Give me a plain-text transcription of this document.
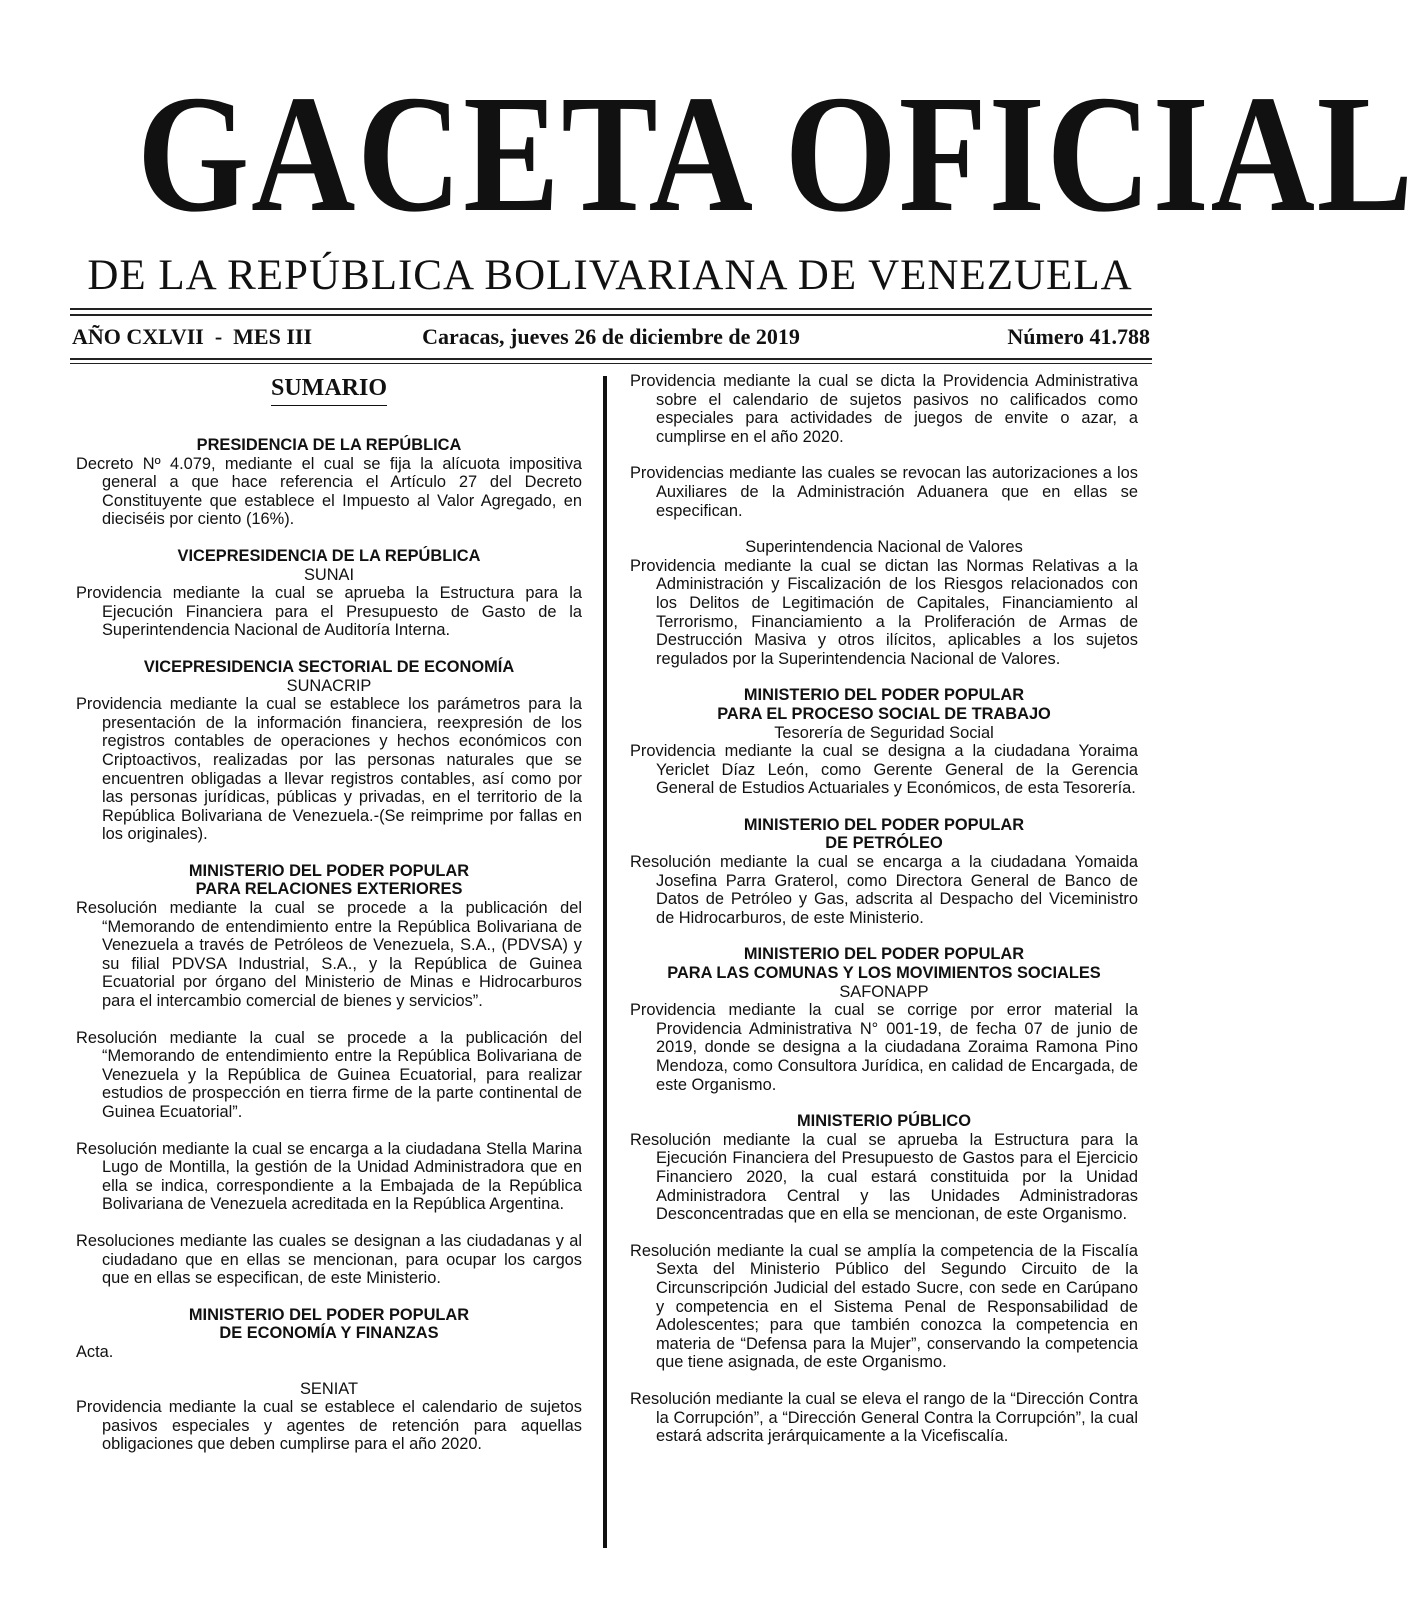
GACETA OFICIAL
DE LA REPÚBLICA BOLIVARIANA DE VENEZUELA
AÑO CXLVII  -  MES III	Caracas, jueves 26 de diciembre de 2019	Número 41.788
SUMARIO

PRESIDENCIA DE LA REPÚBLICA

Decreto Nº 4.079, mediante el cual se fija la alícuota impositiva general a que hace referencia el Artículo 27 del Decreto Constituyente que establece el Impuesto al Valor Agregado, en dieciséis por ciento (16%).

VICEPRESIDENCIA DE LA REPÚBLICA

SUNAI

Providencia mediante la cual se aprueba la Estructura para la Ejecución Financiera para el Presupuesto de Gasto de la Superintendencia Nacional de Auditoría Interna.

VICEPRESIDENCIA SECTORIAL DE ECONOMÍA

SUNACRIP

Providencia mediante la cual se establece los parámetros para la presentación de la información financiera, reexpresión de los registros contables de operaciones y hechos económicos con Criptoactivos, realizadas por las personas naturales que se encuentren obligadas a llevar registros contables, así como por las personas jurídicas, públicas y privadas, en el territorio de la República Bolivariana de Venezuela.-(Se reimprime por fallas en los originales).

MINISTERIO DEL PODER POPULAR

PARA RELACIONES EXTERIORES

Resolución mediante la cual se procede a la publicación del “Memorando de entendimiento entre la República Bolivariana de Venezuela a través de Petróleos de Venezuela, S.A., (PDVSA) y su filial PDVSA Industrial, S.A., y la República de Guinea Ecuatorial por órgano del Ministerio de Minas e Hidrocarburos para el intercambio comercial de bienes y servicios”.

Resolución mediante la cual se procede a la publicación del “Memorando de entendimiento entre la República Bolivariana de Venezuela y la República de Guinea Ecuatorial, para realizar estudios de prospección en tierra firme de la parte continental de Guinea Ecuatorial”.

Resolución mediante la cual se encarga a la ciudadana Stella Marina Lugo de Montilla, la gestión de la Unidad Administradora que en ella se indica, correspondiente a la Embajada de la República Bolivariana de Venezuela acreditada en la República Argentina.

Resoluciones mediante las cuales se designan a las ciudadanas y al ciudadano que en ellas se mencionan, para ocupar los cargos que en ellas se especifican, de este Ministerio.

MINISTERIO DEL PODER POPULAR

DE ECONOMÍA Y FINANZAS

Acta.

SENIAT

Providencia mediante la cual se establece el calendario de sujetos pasivos especiales y agentes de retención para aquellas obligaciones que deben cumplirse para el año 2020.

Providencia mediante la cual se dicta la Providencia Administrativa sobre el calendario de sujetos pasivos no calificados como especiales para actividades de juegos de envite o azar, a cumplirse en el año 2020.

Providencias mediante las cuales se revocan las autorizaciones a los Auxiliares de la Administración Aduanera que en ellas se especifican.

Superintendencia Nacional de Valores

Providencia mediante la cual se dictan las Normas Relativas a la Administración y Fiscalización de los Riesgos relacionados con los Delitos de Legitimación de Capitales, Financiamiento al Terrorismo, Financiamiento a la Proliferación de Armas de Destrucción Masiva y otros ilícitos, aplicables a los sujetos regulados por la Superintendencia Nacional de Valores.

MINISTERIO DEL PODER POPULAR

PARA EL PROCESO SOCIAL DE TRABAJO

Tesorería de Seguridad Social

Providencia mediante la cual se designa a la ciudadana Yoraima Yericlet Díaz León, como Gerente General de la Gerencia General de Estudios Actuariales y Económicos, de esta Tesorería.

MINISTERIO DEL PODER POPULAR

DE PETRÓLEO

Resolución mediante la cual se encarga a la ciudadana Yomaida Josefina Parra Graterol, como Directora General de Banco de Datos de Petróleo y Gas, adscrita al Despacho del Viceministro de Hidrocarburos, de este Ministerio.

MINISTERIO DEL PODER POPULAR

PARA LAS COMUNAS Y LOS MOVIMIENTOS SOCIALES

SAFONAPP

Providencia mediante la cual se corrige por error material la Providencia Administrativa N° 001-19, de fecha 07 de junio de 2019, donde se designa a la ciudadana Zoraima Ramona Pino Mendoza, como Consultora Jurídica, en calidad de Encargada, de este Organismo.

MINISTERIO PÚBLICO

Resolución mediante la cual se aprueba la Estructura para la Ejecución Financiera del Presupuesto de Gastos para el Ejercicio Financiero 2020, la cual estará constituida por la Unidad Administradora Central y las Unidades Administradoras Desconcentradas que en ella se mencionan, de este Organismo.

Resolución mediante la cual se amplía la competencia de la Fiscalía Sexta del Ministerio Público del Segundo Circuito de la Circunscripción Judicial del estado Sucre, con sede en Carúpano y competencia en el Sistema Penal de Responsabilidad de Adolescentes; para que también conozca la competencia en materia de “Defensa para la Mujer”, conservando la competencia que tiene asignada, de este Organismo.

Resolución mediante la cual se eleva el rango de la “Dirección Contra la Corrupción”, a “Dirección General Contra la Corrupción”, la cual estará adscrita jerárquicamente a la Vicefiscalía.
